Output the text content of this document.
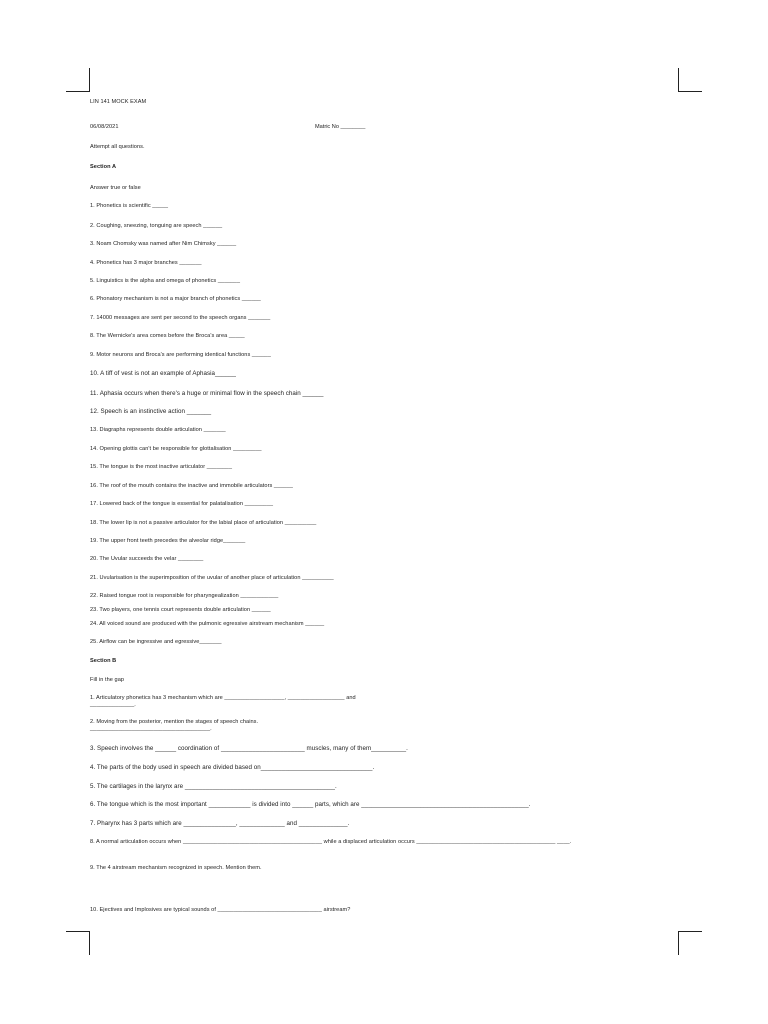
LIN 141 MOCK EXAM
06/08/2021	Matric No ________
Attempt all questions.
Section A
Answer true or false
1. Phonetics is scientific _____
2. Coughing, sneezing, tonguing are speech ______
3. Noam Chomsky was named after Nim Chimsky ______
4. Phonetics has 3 major branches _______
5. Linguistics is the alpha and omega of phonetics _______
6. Phonatory mechanism is not a major branch of phonetics ______
7. 14000 messages are sent per second to the speech organs _______
8. The Wernicke's area comes before the Broca's area _____
9. Motor neurons and Broca's are performing identical functions ______
10. A tiff of vest is not an example of Aphasia______
11. Aphasia occurs when there's a huge or minimal flow in the speech chain ______
12. Speech is an instinctive action _______
13. Diagraphs represents double articulation _______
14. Opening glottis can't be responsible for glottalisation _________
15. The tongue is the most inactive articulator ________
16. The roof of the mouth contains the inactive and immobile articulators ______
17. Lowered back of the tongue is essential for palatalisation _________
18. The lower lip is not a passive articulator for the labial place of articulation __________
19. The upper front teeth precedes the alveolar ridge_______
20. The Uvular succeeds the velar ________
21. Uvularisation is the superimposition of the uvular of another place of articulation __________
22. Raised tongue root is responsible for pharyngealization ____________
23. Two players, one tennis court represents double articulation ______
24. All voiced sound are produced with the pulmonic egressive airstream mechanism ______
25. Airflow can be ingressive and egressive_______
Section B
Fill in the gap
1. Articulatory phonetics has 3 mechanism which are ___________________, __________________ and ______________.
2. Moving from the posterior, mention the stages of speech chains. ______________________________________.
3. Speech involves the ______ coordination of ________________________ muscles, many of them__________.
4. The parts of the body used in speech are divided based on________________________________.
5. The cartilages in the larynx are ___________________________________________.
6. The tongue which is the most important ____________ is divided into ______ parts, which are ________________________________________________.
7. Pharynx has 3 parts which are _______________, _____________ and ______________.
8. A normal articulation occurs when ____________________________________________ while a displaced articulation occurs ____________________________________________ ____.
9. The 4 airstream mechanism recognized in speech. Mention them.
10. Ejectives and Implosives are typical sounds of _________________________________ airstream?
